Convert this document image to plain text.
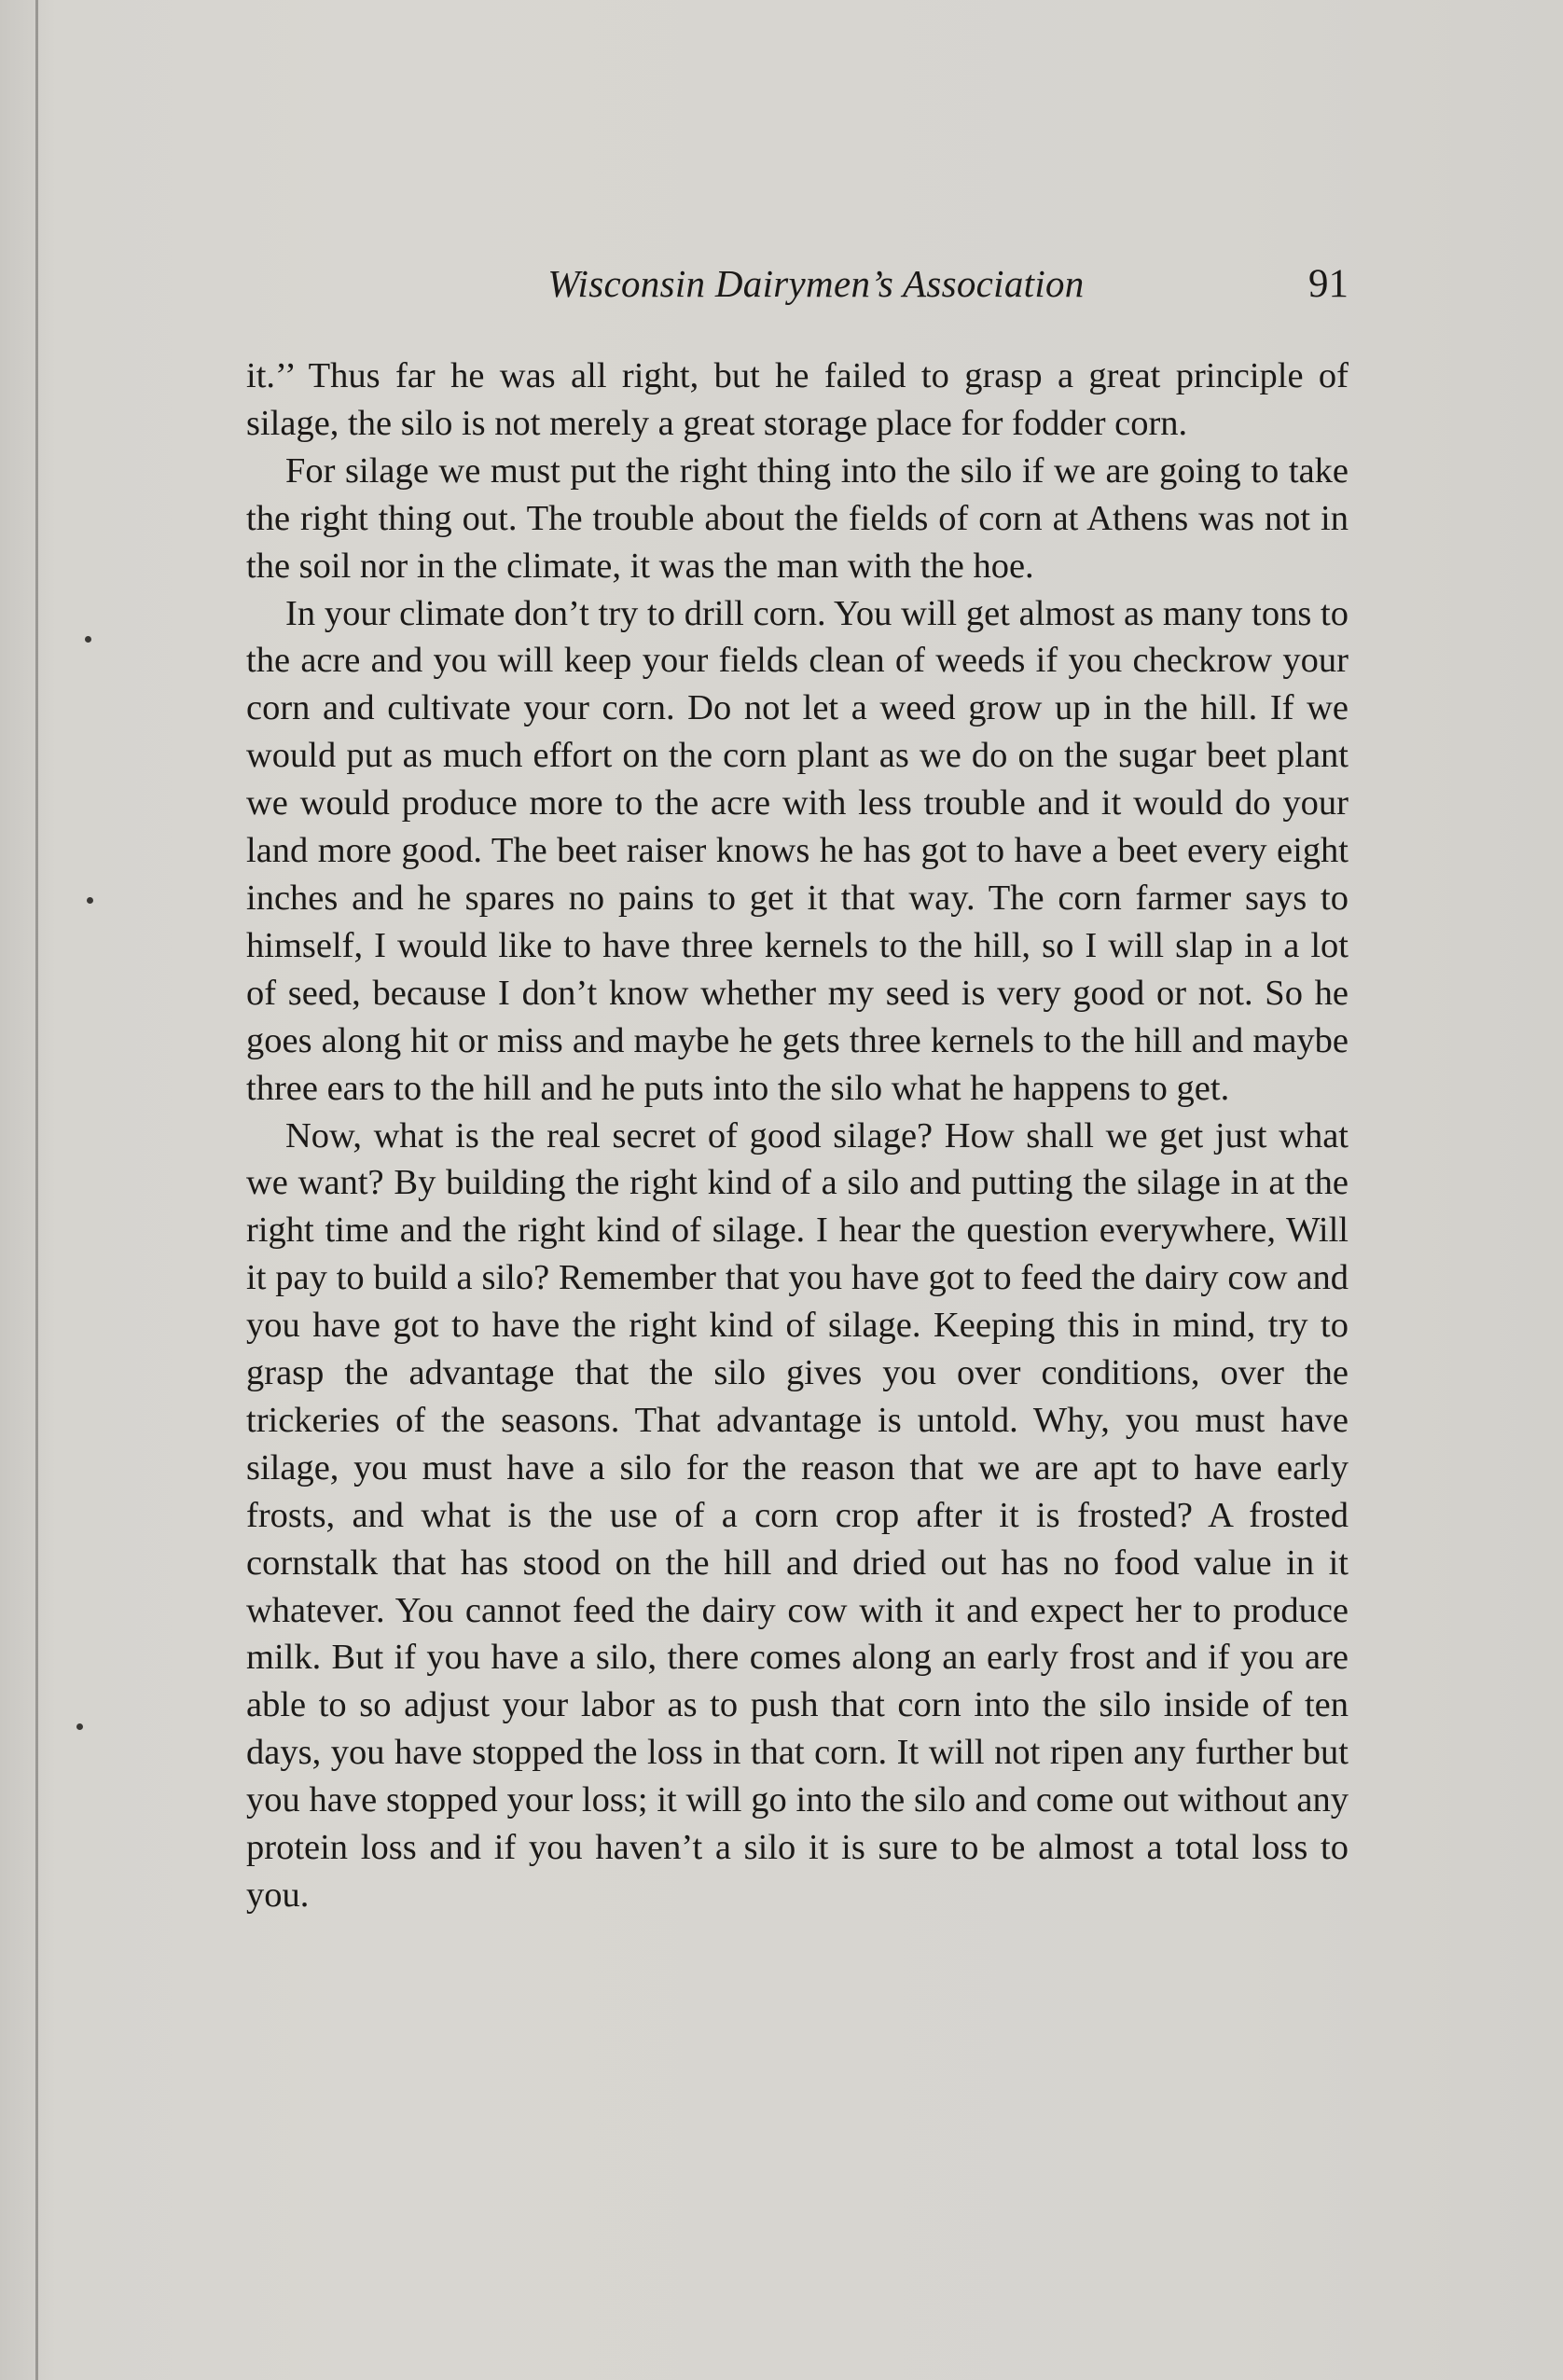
Wisconsin Dairymen’s Association	91

it.’’ Thus far he was all right, but he failed to grasp a great principle of silage, the silo is not merely a great storage place for fodder corn.

For silage we must put the right thing into the silo if we are going to take the right thing out. The trouble about the fields of corn at Athens was not in the soil nor in the climate, it was the man with the hoe.

In your climate don’t try to drill corn. You will get almost as many tons to the acre and you will keep your fields clean of weeds if you checkrow your corn and cultivate your corn. Do not let a weed grow up in the hill. If we would put as much effort on the corn plant as we do on the sugar beet plant we would produce more to the acre with less trouble and it would do your land more good. The beet raiser knows he has got to have a beet every eight inches and he spares no pains to get it that way. The corn farmer says to himself, I would like to have three kernels to the hill, so I will slap in a lot of seed, because I don’t know whether my seed is very good or not. So he goes along hit or miss and maybe he gets three kernels to the hill and maybe three ears to the hill and he puts into the silo what he happens to get.

Now, what is the real secret of good silage? How shall we get just what we want? By building the right kind of a silo and putting the silage in at the right time and the right kind of silage. I hear the question everywhere, Will it pay to build a silo? Remember that you have got to feed the dairy cow and you have got to have the right kind of silage. Keeping this in mind, try to grasp the advantage that the silo gives you over conditions, over the trickeries of the seasons. That advantage is untold. Why, you must have silage, you must have a silo for the reason that we are apt to have early frosts, and what is the use of a corn crop after it is frosted? A frosted cornstalk that has stood on the hill and dried out has no food value in it whatever. You cannot feed the dairy cow with it and expect her to produce milk. But if you have a silo, there comes along an early frost and if you are able to so adjust your labor as to push that corn into the silo inside of ten days, you have stopped the loss in that corn. It will not ripen any further but you have stopped your loss; it will go into the silo and come out without any protein loss and if you haven’t a silo it is sure to be almost a total loss to you.
